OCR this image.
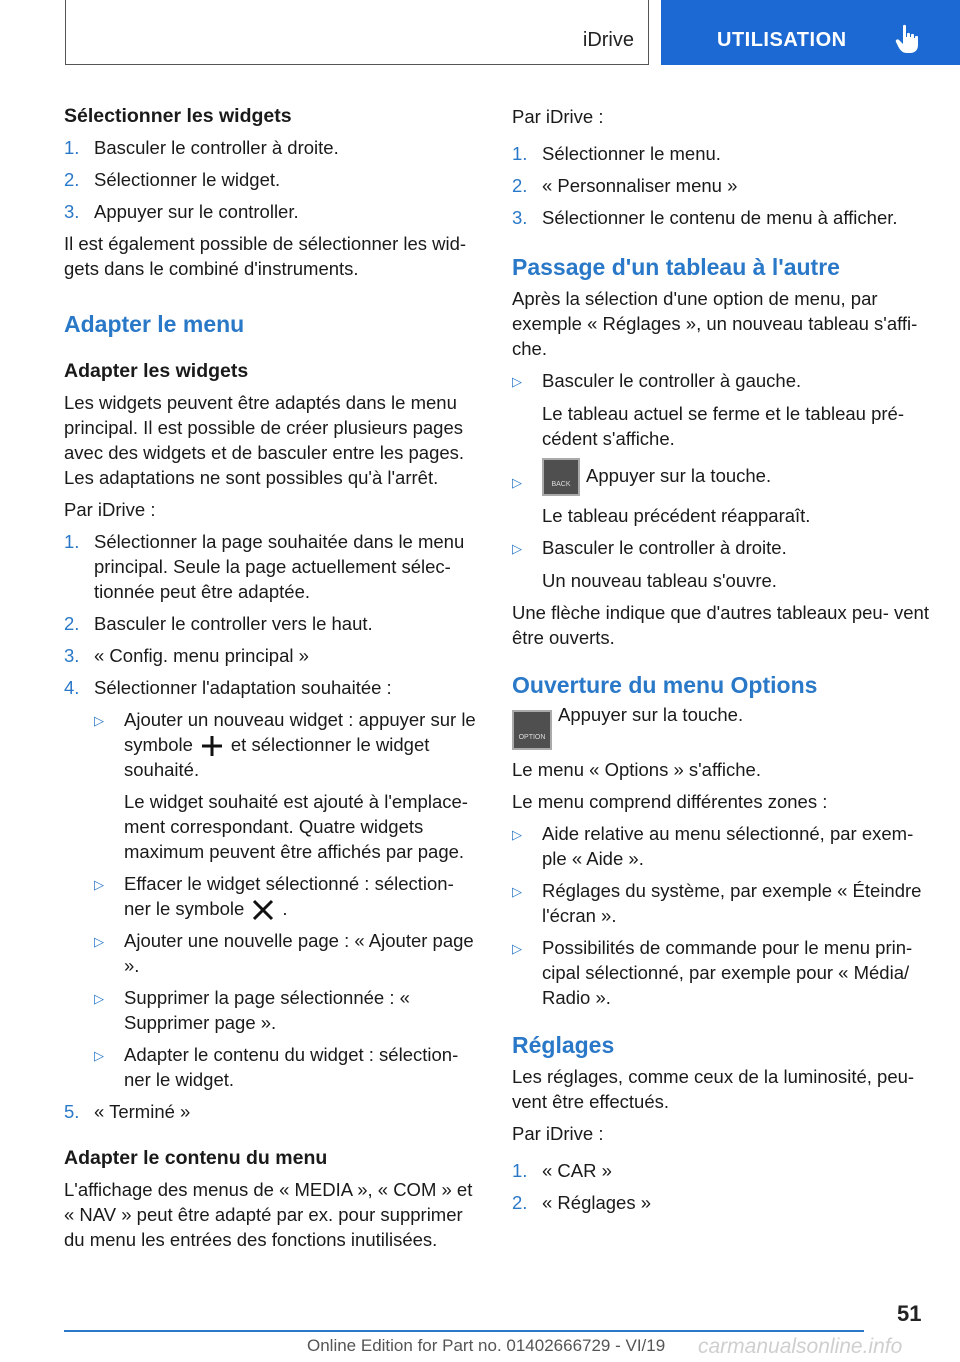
iDrive	UTILISATION
Sélectionner les widgets
1. Basculer le controller à droite.
2. Sélectionner le widget.
3. Appuyer sur le controller.

Il est également possible de sélectionner les wid‐ gets dans le combiné d'instruments.

Adapter le menu
Adapter les widgets

Les widgets peuvent être adaptés dans le menu principal. Il est possible de créer plusieurs pages avec des widgets et de basculer entre les pages. Les adaptations ne sont possibles qu'à l'arrêt.

Par iDrive :

1. Sélectionner la page souhaitée dans le menu principal. Seule la page actuellement sélec‐ tionnée peut être adaptée.
2. Basculer le controller vers le haut.
3. « Config. menu principal »
4. Sélectionner l'adaptation souhaitée :
▷	Ajouter un nouveau widget : appuyer sur le symbole et sélectionner le widget souhaité.
Le widget souhaité est ajouté à l'emplace‐ ment correspondant. Quatre widgets maximum peuvent être affichés par page.
▷	Effacer le widget sélectionné : sélection‐ ner le symbole .
▷	Ajouter une nouvelle page : « Ajouter page ».
▷	Supprimer la page sélectionnée : « Supprimer page ».
▷	Adapter le contenu du widget : sélection‐ ner le widget.
5. « Terminé »
Adapter le contenu du menu

L'affichage des menus de « MEDIA », « COM » et « NAV » peut être adapté par ex. pour supprimer du menu les entrées des fonctions inutilisées.

Par iDrive :

1. Sélectionner le menu.
2. « Personnaliser menu »
3. Sélectionner le contenu de menu à afficher.
Passage d'un tableau à l'autre

Après la sélection d'une option de menu, par exemple « Réglages », un nouveau tableau s'affi‐ che.

▷	Basculer le controller à gauche.
Le tableau actuel se ferme et le tableau pré‐ cédent s'affiche.
▷	BACK Appuyer sur la touche.
Le tableau précédent réapparaît.
▷	Basculer le controller à droite.
Un nouveau tableau s'ouvre.

Une flèche indique que d'autres tableaux peu‐ vent être ouverts.

Ouverture du menu Options

OPTION
Appuyer sur la touche.

Le menu « Options » s'affiche.

Le menu comprend différentes zones :

▷	Aide relative au menu sélectionné, par exem‐ ple « Aide ».
▷	Réglages du système, par exemple « Éteindre l'écran ».
▷	Possibilités de commande pour le menu prin‐ cipal sélectionné, par exemple pour « Média/ Radio ».
Réglages

Les réglages, comme ceux de la luminosité, peu‐ vent être effectués.

Par iDrive :

1. « CAR »
2. « Réglages »
51
Online Edition for Part no. 01402666729 - VI/19 carmanualsonline.info
